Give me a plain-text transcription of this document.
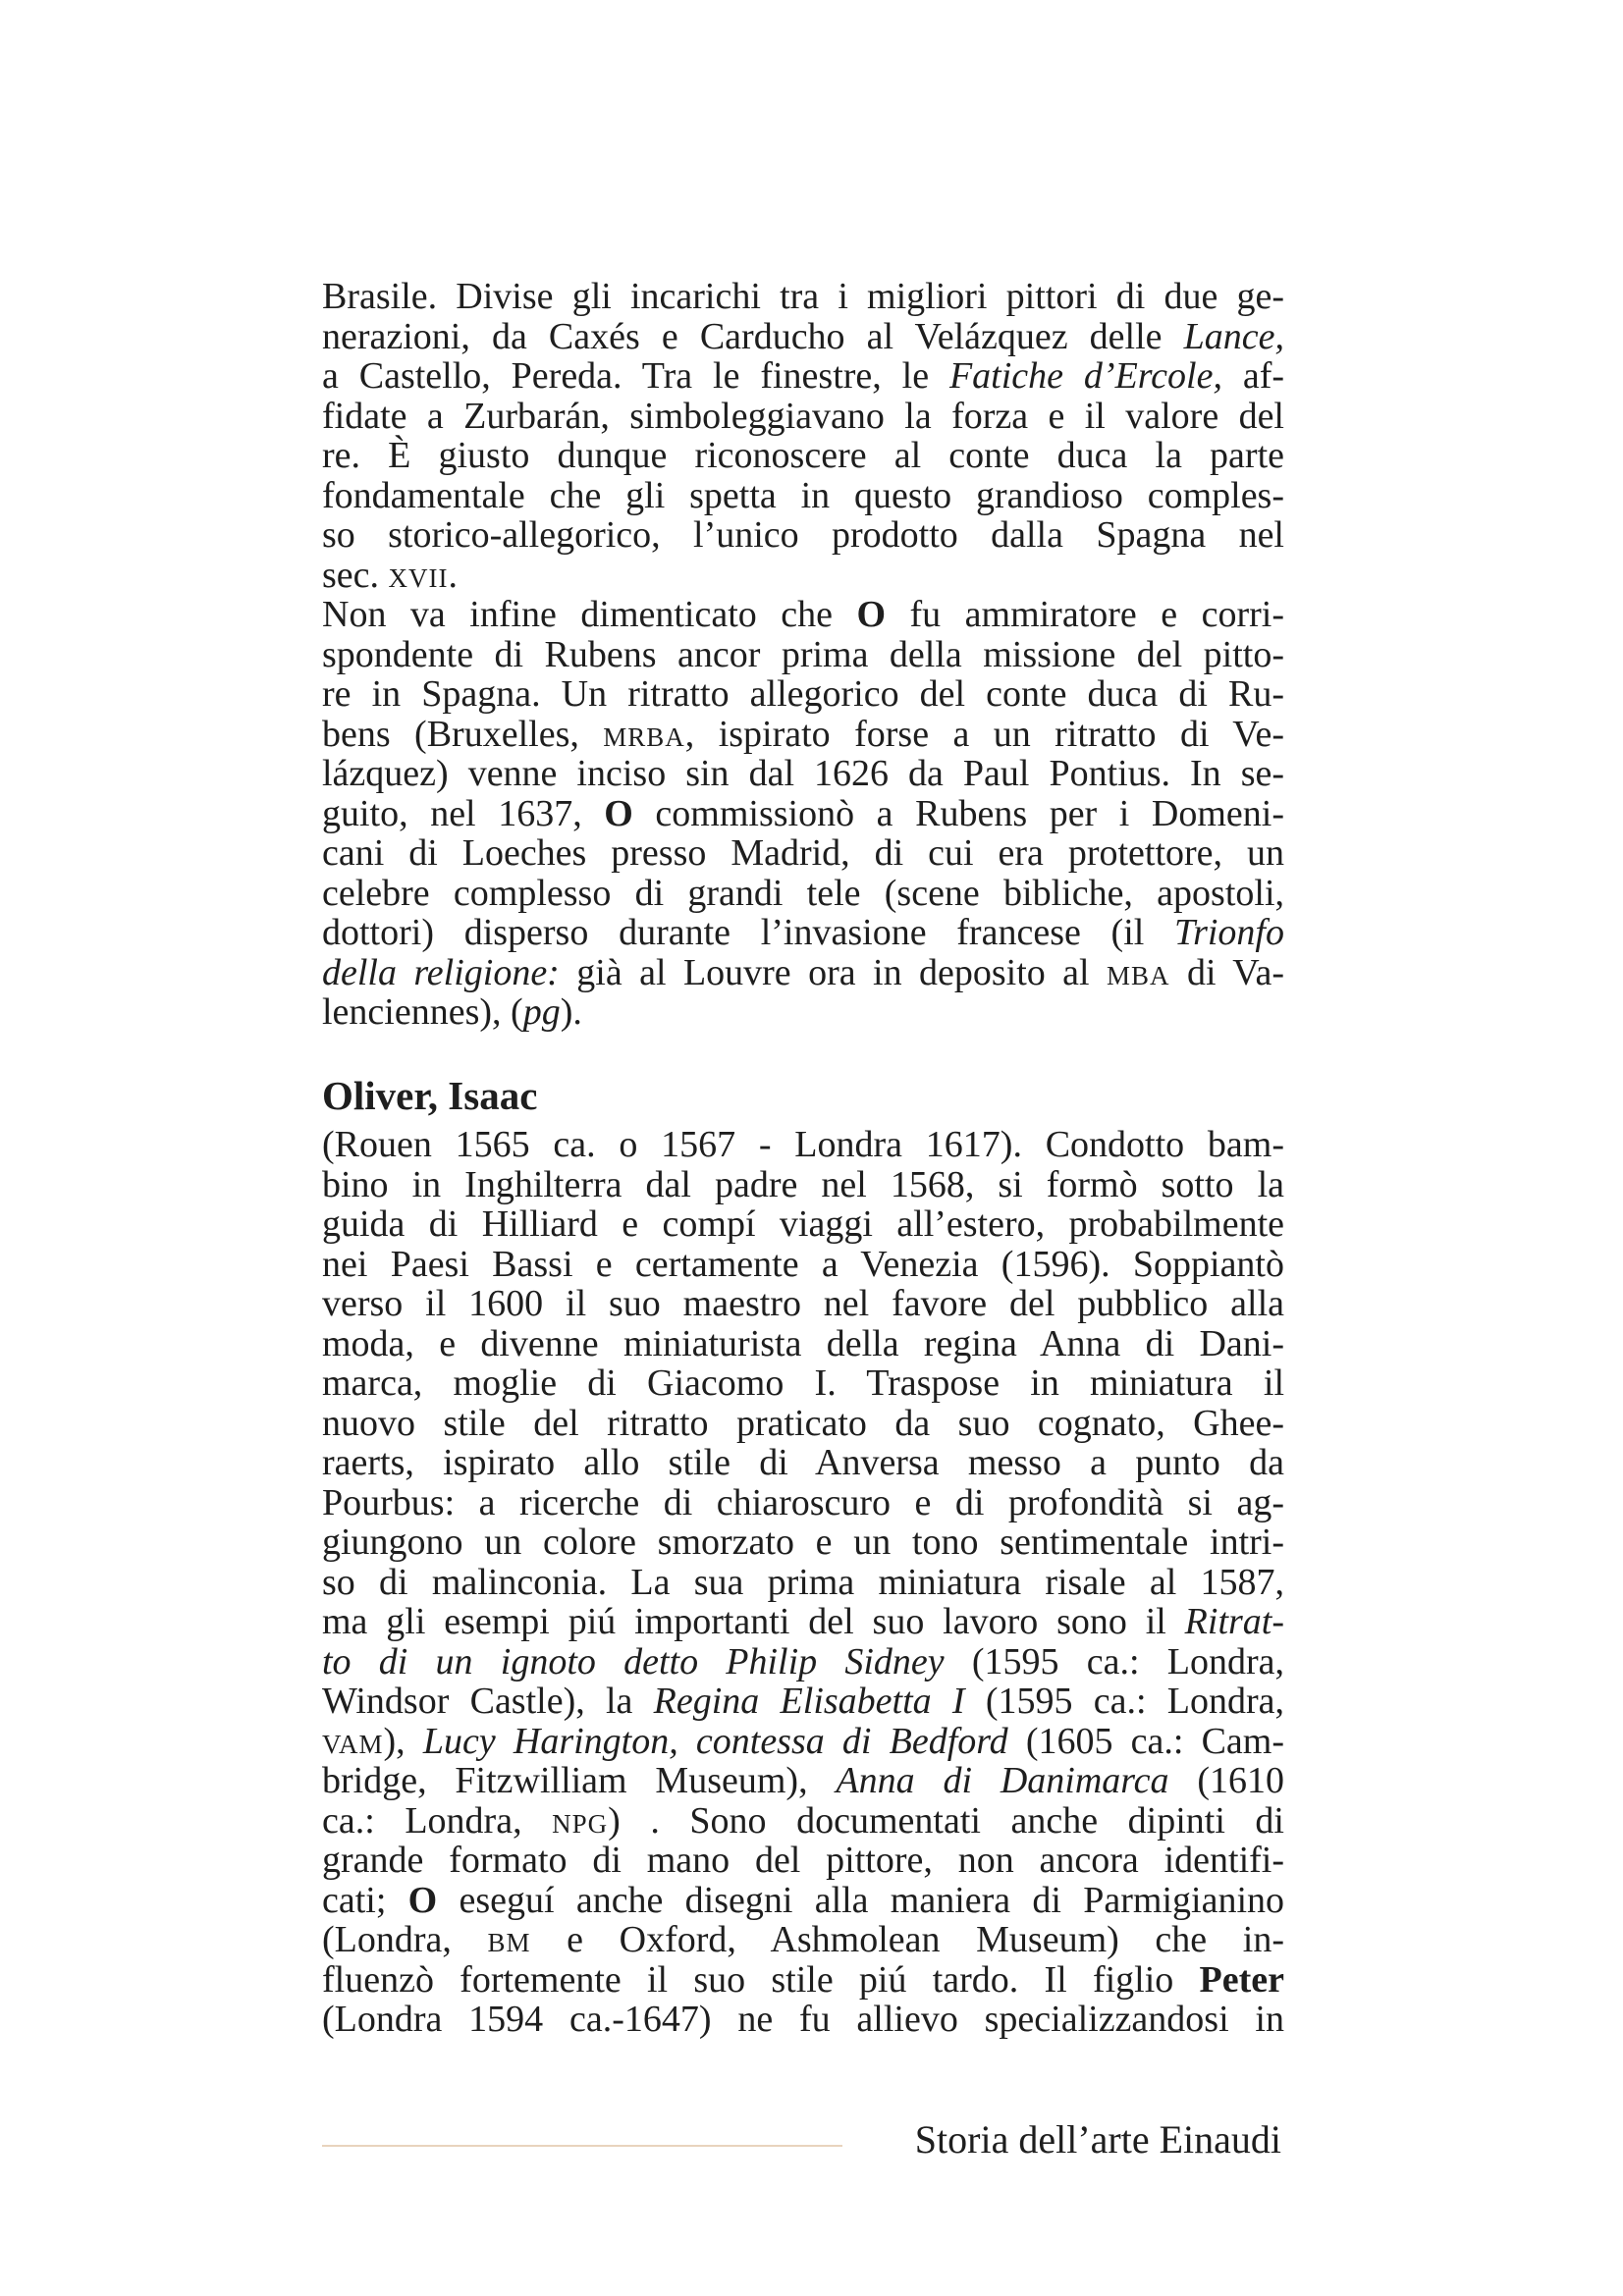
Brasile. Divise gli incarichi tra i migliori pittori di due ge-
nerazioni, da Caxés e Carducho al Velázquez delle Lance,
a Castello, Pereda. Tra le finestre, le Fatiche d’Ercole, af-
fidate a Zurbarán, simboleggiavano la forza e il valore del
re. È giusto dunque riconoscere al conte duca la parte
fondamentale che gli spetta in questo grandioso comples-
so storico-allegorico, l’unico prodotto dalla Spagna nel
sec. xvii.
Non va infine dimenticato che O fu ammiratore e corri-
spondente di Rubens ancor prima della missione del pitto-
re in Spagna. Un ritratto allegorico del conte duca di Ru-
bens (Bruxelles, mrba, ispirato forse a un ritratto di Ve-
lázquez) venne inciso sin dal 1626 da Paul Pontius. In se-
guito, nel 1637, O commissionò a Rubens per i Domeni-
cani di Loeches presso Madrid, di cui era protettore, un
celebre complesso di grandi tele (scene bibliche, apostoli,
dottori) disperso durante l’invasione francese (il Trionfo
della religione: già al Louvre ora in deposito al mba di Va-
lenciennes), (pg).
Oliver, Isaac
(Rouen 1565 ca. o 1567 - Londra 1617). Condotto bam-
bino in Inghilterra dal padre nel 1568, si formò sotto la
guida di Hilliard e compí viaggi all’estero, probabilmente
nei Paesi Bassi e certamente a Venezia (1596). Soppiantò
verso il 1600 il suo maestro nel favore del pubblico alla
moda, e divenne miniaturista della regina Anna di Dani-
marca, moglie di Giacomo I. Traspose in miniatura il
nuovo stile del ritratto praticato da suo cognato, Ghee-
raerts, ispirato allo stile di Anversa messo a punto da
Pourbus: a ricerche di chiaroscuro e di profondità si ag-
giungono un colore smorzato e un tono sentimentale intri-
so di malinconia. La sua prima miniatura risale al 1587,
ma gli esempi piú importanti del suo lavoro sono il Ritrat-
to di un ignoto detto Philip Sidney (1595 ca.: Londra,
Windsor Castle), la Regina Elisabetta I (1595 ca.: Londra,
vam), Lucy Harington, contessa di Bedford (1605 ca.: Cam-
bridge, Fitzwilliam Museum), Anna di Danimarca (1610
ca.: Londra, npg) . Sono documentati anche dipinti di
grande formato di mano del pittore, non ancora identifi-
cati; O eseguí anche disegni alla maniera di Parmigianino
(Londra, bm e Oxford, Ashmolean Museum) che in-
fluenzò fortemente il suo stile piú tardo. Il figlio Peter
(Londra 1594 ca.-1647) ne fu allievo specializzandosi in
Storia dell’arte Einaudi
